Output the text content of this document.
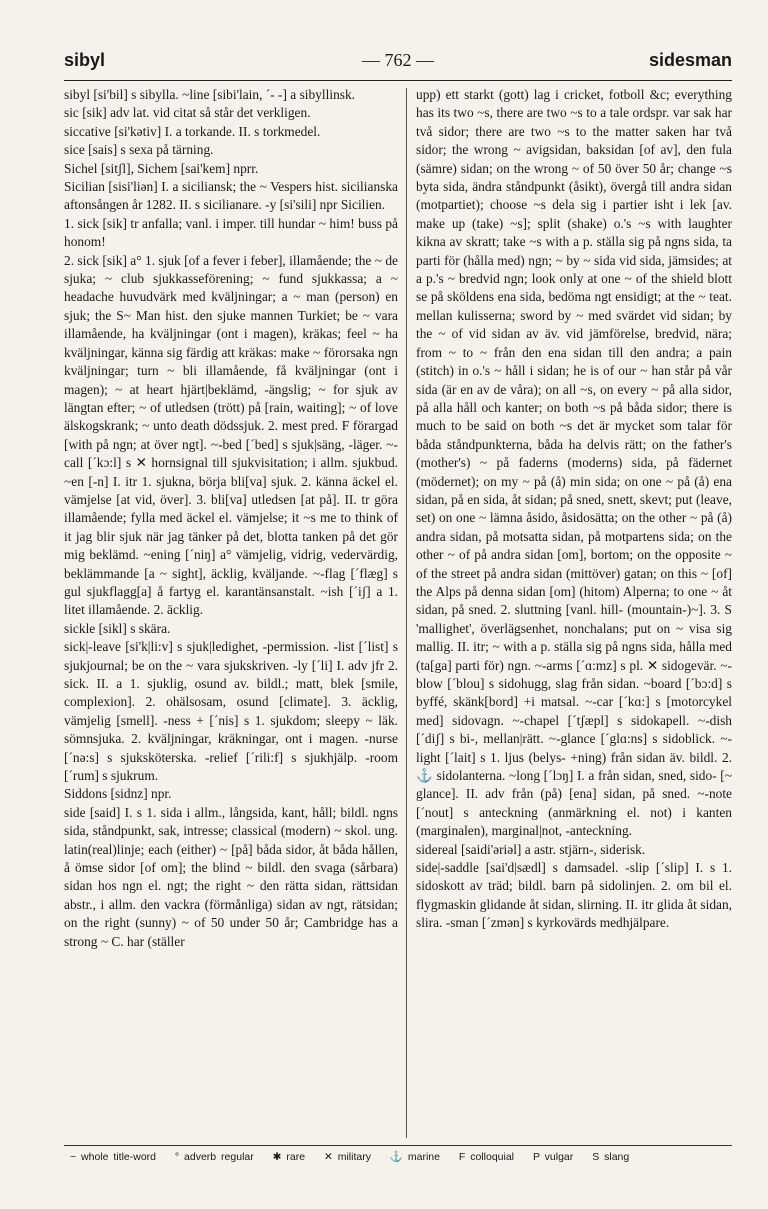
sibyl	— 762 —	sidesman

sibyl [si'bil] s sibylla. ~line [sibi'lain, ´- -] a sibyllinsk.

sic [sik] adv lat. vid citat så står det verkligen.

siccative [si'kətiv] I. a torkande. II. s torkmedel.

sice [sais] s sexa på tärning.

Sichel [sitʃl], Sichem [sai'kem] nprr.

Sicilian [sisi'liən] I. a siciliansk; the ~ Vespers hist. sicilianska aftonsången år 1282. II. s sicilianare. -y [si'sili] npr Sicilien.

1. sick [sik] tr anfalla; vanl. i imper. till hundar ~ him! buss på honom!

2. sick [sik] a° 1. sjuk [of a fever i feber], illamående; the ~ de sjuka; ~ club sjukkasseförening; ~ fund sjukkassa; a ~ headache huvudvärk med kväljningar; a ~ man (person) en sjuk; the S~ Man hist. den sjuke mannen Turkiet; be ~ vara illamående, ha kväljningar (ont i magen), kräkas; feel ~ ha kväljningar, känna sig färdig att kräkas: make ~ förorsaka ngn kväljningar; turn ~ bli illamående, få kväljningar (ont i magen); ~ at heart hjärt|beklämd, -ängslig; ~ for sjuk av längtan efter; ~ of utledsen (trött) på [rain, waiting]; ~ of love älskogskrank; ~ unto death dödssjuk. 2. mest pred. F förargad [with på ngn; at över ngt]. ~-bed [´bed] s sjuk|säng, -läger. ~-call [´kɔ:l] s ✕ hornsignal till sjukvisitation; i allm. sjukbud. ~en [-n] I. itr 1. sjukna, börja bli[va] sjuk. 2. känna äckel el. vämjelse [at vid, över]. 3. bli[va] utledsen [at på]. II. tr göra illamående; fylla med äckel el. vämjelse; it ~s me to think of it jag blir sjuk när jag tänker på det, blotta tanken på det gör mig beklämd. ~ening [´niŋ] a° vämjelig, vidrig, vedervärdig, beklämmande [a ~ sight], äcklig, kväljande. ~-flag [´flæg] s gul sjukflagg[a] å fartyg el. karantänsanstalt. ~ish [´iʃ] a 1. litet illamående. 2. äcklig.

sickle [sikl] s skära.

sick|-leave [si'k|li:v] s sjuk|ledighet, -permission. -list [´list] s sjukjournal; be on the ~ vara sjukskriven. -ly [´li] I. adv jfr 2. sick. II. a 1. sjuklig, osund av. bildl.; matt, blek [smile, complexion]. 2. ohälsosam, osund [climate]. 3. äcklig, vämjelig [smell]. -ness + [´nis] s 1. sjukdom; sleepy ~ läk. sömnsjuka. 2. kväljningar, kräkningar, ont i magen. -nurse [´nə:s] s sjuksköterska. -relief [´rili:f] s sjukhjälp. -room [´rum] s sjukrum.

Siddons [sidnz] npr.

side [said] I. s 1. sida i allm., långsida, kant, håll; bildl. ngns sida, ståndpunkt, sak, intresse; classical (modern) ~ skol. ung. latin(real)linje; each (either) ~ [på] båda sidor, åt båda hållen, å ömse sidor [of om]; the blind ~ bildl. den svaga (sårbara) sidan hos ngn el. ngt; the right ~ den rätta sidan, rättsidan abstr., i allm. den vackra (förmånliga) sidan av ngt, rätsidan; on the right (sunny) ~ of 50 under 50 år; Cambridge has a strong ~ C. har (ställer

upp) ett starkt (gott) lag i cricket, fotboll &c; everything has its two ~s, there are two ~s to a tale ordspr. var sak har två sidor; there are two ~s to the matter saken har två sidor; the wrong ~ avigsidan, baksidan [of av], den fula (sämre) sidan; on the wrong ~ of 50 över 50 år; change ~s byta sida, ändra ståndpunkt (åsikt), övergå till andra sidan (motpartiet); choose ~s dela sig i partier isht i lek [av. make up (take) ~s]; split (shake) o.'s ~s with laughter kikna av skratt; take ~s with a p. ställa sig på ngns sida, ta parti för (hålla med) ngn; ~ by ~ sida vid sida, jämsides; at a p.'s ~ bredvid ngn; look only at one ~ of the shield blott se på sköldens ena sida, bedöma ngt ensidigt; at the ~ teat. mellan kulisserna; sword by ~ med svärdet vid sidan; by the ~ of vid sidan av äv. vid jämförelse, bredvid, nära; from ~ to ~ från den ena sidan till den andra; a pain (stitch) in o.'s ~ håll i sidan; he is of our ~ han står på vår sida (är en av de våra); on all ~s, on every ~ på alla sidor, på alla håll och kanter; on both ~s på båda sidor; there is much to be said on both ~s det är mycket som talar för båda ståndpunkterna, båda ha delvis rätt; on the father's (mother's) ~ på faderns (moderns) sida, på fädernet (mödernet); on my ~ på (å) min sida; on one ~ på (å) ena sidan, på en sida, åt sidan; på sned, snett, skevt; put (leave, set) on one ~ lämna åsido, åsidosätta; on the other ~ på (å) andra sidan, på motsatta sidan, på motpartens sida; on the other ~ of på andra sidan [om], bortom; on the opposite ~ of the street på andra sidan (mittöver) gatan; on this ~ [of] the Alps på denna sidan [om] (hitom) Alperna; to one ~ åt sidan, på sned. 2. sluttning [vanl. hill- (mountain-)~]. 3. S 'mallighet', överlägsenhet, nonchalans; put on ~ visa sig mallig. II. itr; ~ with a p. ställa sig på ngns sida, hålla med (ta[ga] parti för) ngn. ~-arms [´ɑ:mz] s pl. ✕ sidogevär. ~-blow [´blou] s sidohugg, slag från sidan. ~board [´bɔ:d] s byffé, skänk[bord] +i matsal. ~-car [´kɑ:] s [motorcykel med] sidovagn. ~-chapel [´tʃæpl] s sidokapell. ~-dish [´diʃ] s bi-, mellan|rätt. ~-glance [´glɑ:ns] s sidoblick. ~-light [´lait] s 1. ljus (belys- +ning) från sidan äv. bildl. 2. ⚓ sidolanterna. ~long [´lɔŋ] I. a från sidan, sned, sido- [~ glance]. II. adv från (på) [ena] sidan, på sned. ~-note [´nout] s anteckning (anmärkning el. not) i kanten (marginalen), marginal|not, -anteckning.

sidereal [saidi'əriəl] a astr. stjärn-, siderisk.

side|-saddle [sai'd|sædl] s damsadel. -slip [´slip] I. s 1. sidoskott av träd; bildl. barn på sidolinjen. 2. om bil el. flygmaskin glidande åt sidan, slirning. II. itr glida åt sidan, slira. -sman [´zmən] s kyrkovärds medhjälpare.

~ whole title-word ° adverb regular ✱ rare ✕ military ⚓ marine F colloquial P vulgar S slang
